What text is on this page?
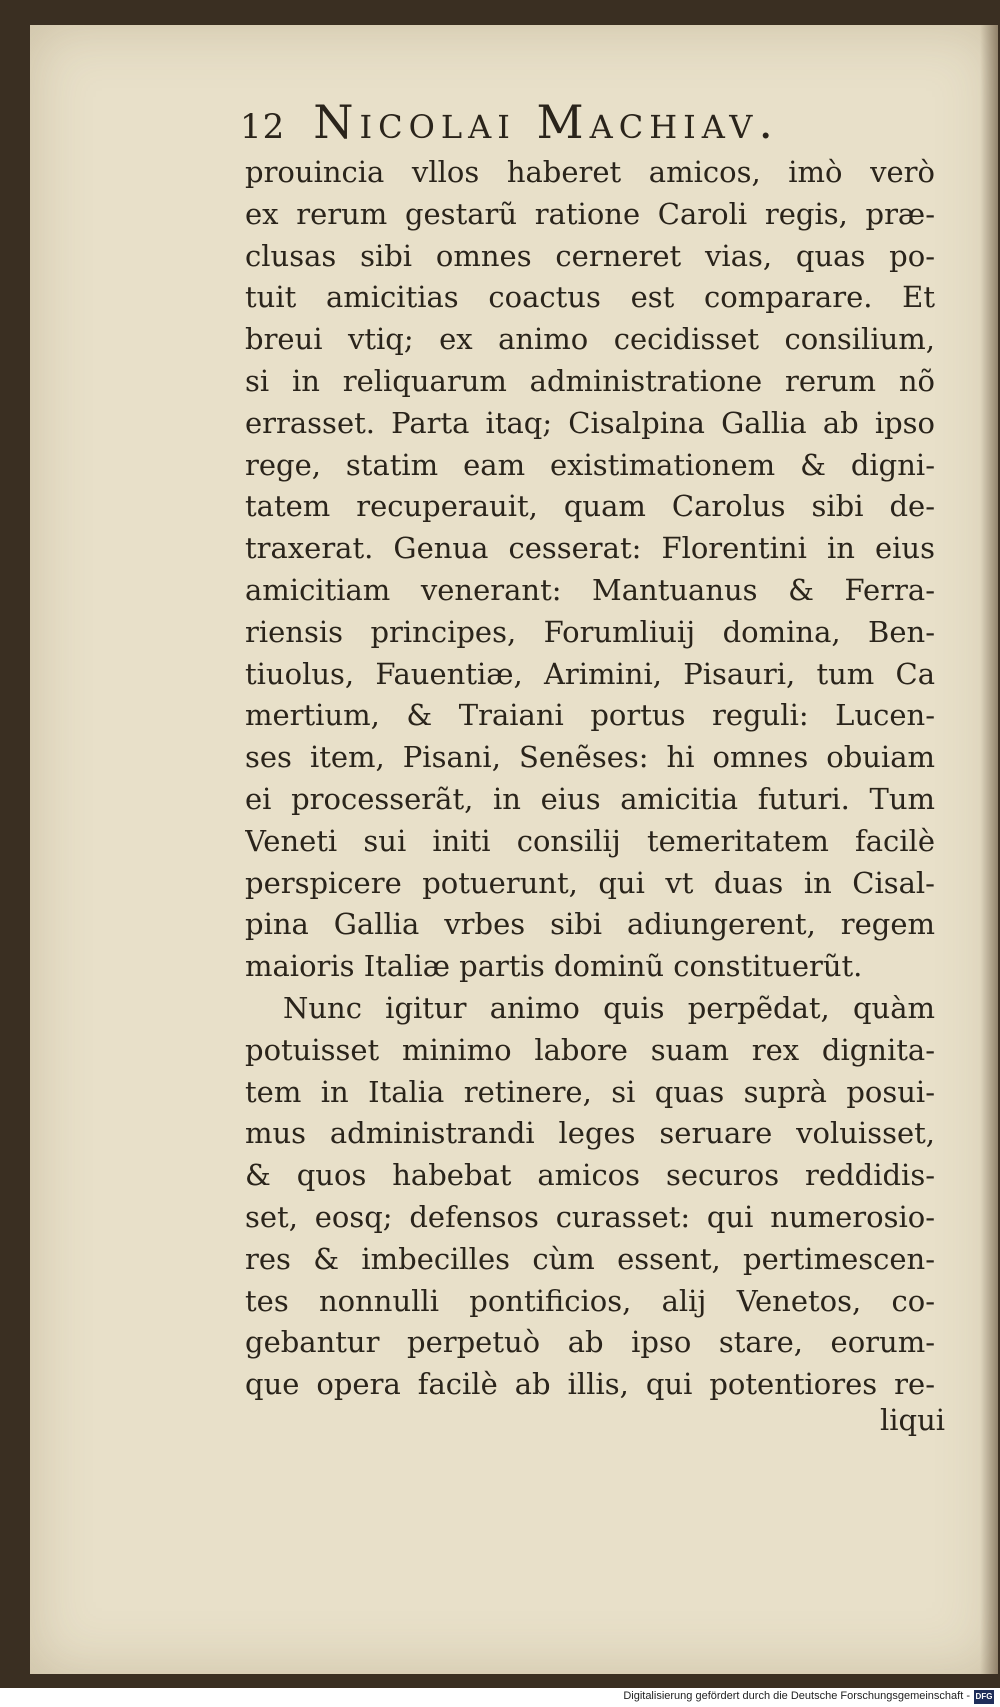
12 Nicolai Machiav.
prouincia vllos haberet amicos, imò verò
ex rerum gestarũ ratione Caroli regis, præ-
clusas sibi omnes cerneret vias, quas po-
tuit amicitias coactus est comparare. Et
breui vtiq; ex animo cecidisset consilium,
si in reliquarum administratione rerum nõ
errasset. Parta itaq; Cisalpina Gallia ab ipso
rege, statim eam existimationem & digni-
tatem recuperauit, quam Carolus sibi de-
traxerat. Genua cesserat: Florentini in eius
amicitiam venerant: Mantuanus & Ferra-
riensis principes, Forumliuij domina, Ben-
tiuolus, Fauentiæ, Arimini, Pisauri, tum Ca
mertium, & Traiani portus reguli: Lucen-
ses item, Pisani, Senẽses: hi omnes obuiam
ei processerãt, in eius amicitia futuri. Tum
Veneti sui initi consilij temeritatem facilè
perspicere potuerunt, qui vt duas in Cisal-
pina Gallia vrbes sibi adiungerent, regem
maioris Italiæ partis dominũ constituerũt.
Nunc igitur animo quis perpẽdat, quàm
potuisset minimo labore suam rex dignita-
tem in Italia retinere, si quas suprà posui-
mus administrandi leges seruare voluisset,
& quos habebat amicos securos reddidis-
set, eosq; defensos curasset: qui numerosio-
res & imbecilles cùm essent, pertimescen-
tes nonnulli pontificios, alij Venetos, co-
gebantur perpetuò ab ipso stare, eorum-
que opera facilè ab illis, qui potentiores re-
liqui
Digitalisierung gefördert durch die Deutsche Forschungsgemeinschaft - DFG
